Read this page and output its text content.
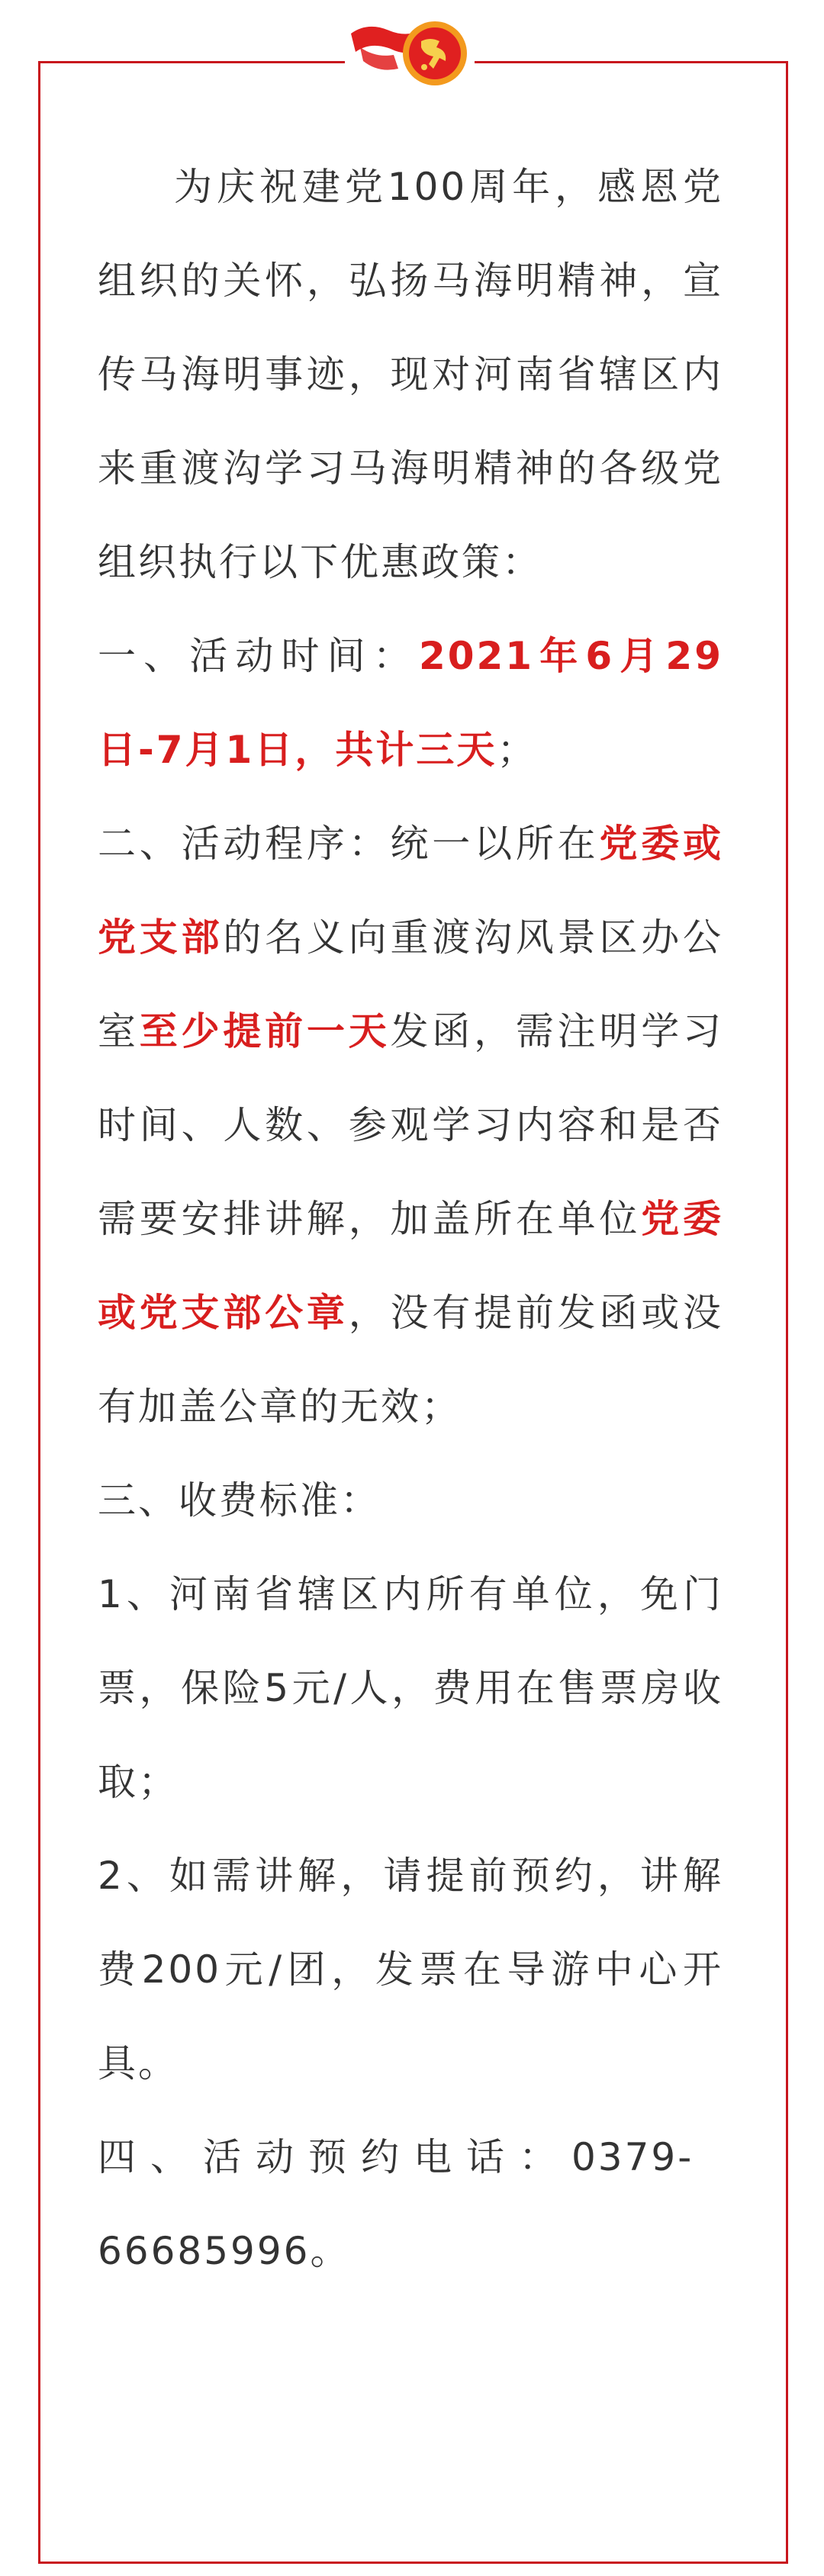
为庆祝建党100周年，感恩党组织的关怀，弘扬马海明精神，宣传马海明事迹，现对河南省辖区内来重渡沟学习马海明精神的各级党组织执行以下优惠政策：

一、活动时间：2021年6月29日-7月1日，共计三天；

二、活动程序：统一以所在党委或党支部的名义向重渡沟风景区办公室至少提前一天发函，需注明学习时间、人数、参观学习内容和是否需要安排讲解，加盖所在单位党委或党支部公章，没有提前发函或没有加盖公章的无效；

三、收费标准：

1、河南省辖区内所有单位，免门票，保险5元/人，费用在售票房收取；

2、如需讲解，请提前预约，讲解费200元/团，发票在导游中心开具。

四、活动预约电话：0379-
66685996。
